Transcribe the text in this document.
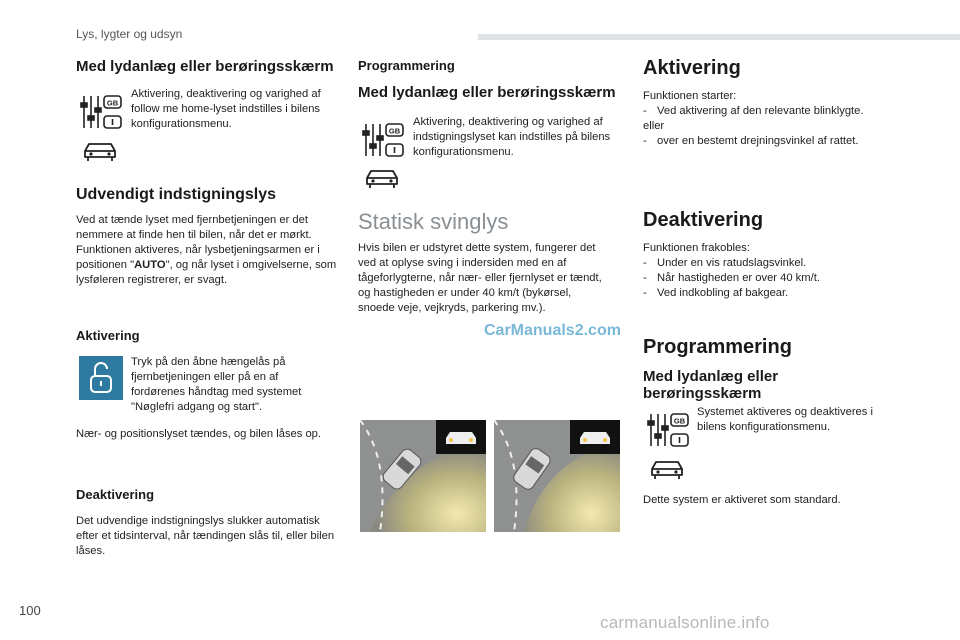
Lys, lygter og udsyn
Med lydanlæg eller berøringsskærm
GB
Aktivering, deaktivering og varighed af follow me home-lyset indstilles i bilens konfigurationsmenu.
Udvendigt indstigningslys

Ved at tænde lyset med fjernbetjeningen er det nemmere at finde hen til bilen, når det er mørkt.

Funktionen aktiveres, når lysbetjeningsarmen er i positionen "AUTO", og når lyset i omgivelserne, som lysføleren registrerer, er svagt.

Aktivering
Tryk på den åbne hængelås på fjernbetjeningen eller på en af fordørenes håndtag med systemet "Nøglefri adgang og start".
Nær- og positionslyset tændes, og bilen låses op.
Deaktivering
Det udvendige indstigningslys slukker automatisk efter et tidsinterval, når tændingen slås til, eller bilen låses.
Programmering
Med lydanlæg eller berøringsskærm
GB
Aktivering, deaktivering og varighed af indstigningslyset kan indstilles på bilens konfigurationsmenu.
Statisk svinglys
Hvis bilen er udstyret dette system, fungerer det ved at oplyse sving i indersiden med en af tågeforlygterne, når nær- eller fjernlyset er tændt, og hastigheden er under 40 km/t (bykørsel, snoede veje, vejkryds, parkering mv.).
CarManuals2.com
Aktivering
Funktionen starter:
- Ved aktivering af den relevante blinklygte.
eller
- over en bestemt drejningsvinkel af rattet.
Deaktivering
Funktionen frakobles:
- Under en vis ratudslagsvinkel.
- Når hastigheden er over 40 km/t.
- Ved indkobling af bakgear.
Programmering
Med lydanlæg eller berøringsskærm
GB
Systemet aktiveres og deaktiveres i bilens konfigurationsmenu.
Dette system er aktiveret som standard.
100
carmanualsonline.info
